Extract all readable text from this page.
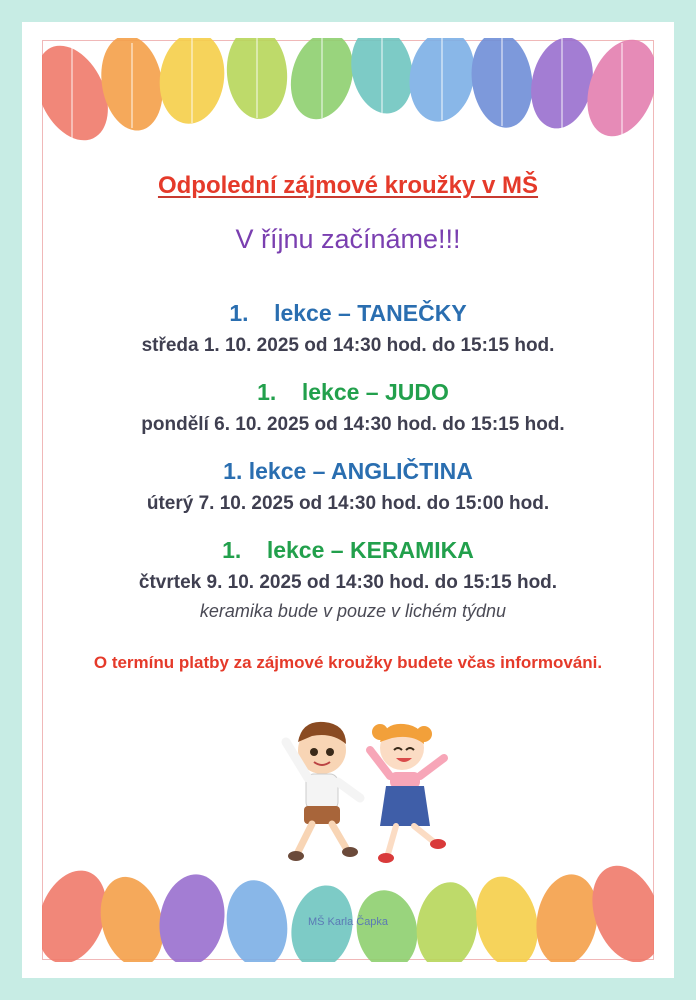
Odpolední zájmové kroužky v MŠ
V říjnu začínáme!!!
1. lekce – TANEČKY
středa 1. 10. 2025 od 14:30 hod. do 15:15 hod.
1. lekce – JUDO
pondělí 6. 10. 2025 od 14:30 hod. do 15:15 hod.
1. lekce – ANGLIČTINA
úterý 7. 10. 2025 od 14:30 hod. do 15:00 hod.
1. lekce – KERAMIKA
čtvrtek 9. 10. 2025 od 14:30 hod. do 15:15 hod.
keramika bude v pouze v lichém týdnu
O termínu platby za zájmové kroužky budete včas informováni.
MŠ Karla Čapka
